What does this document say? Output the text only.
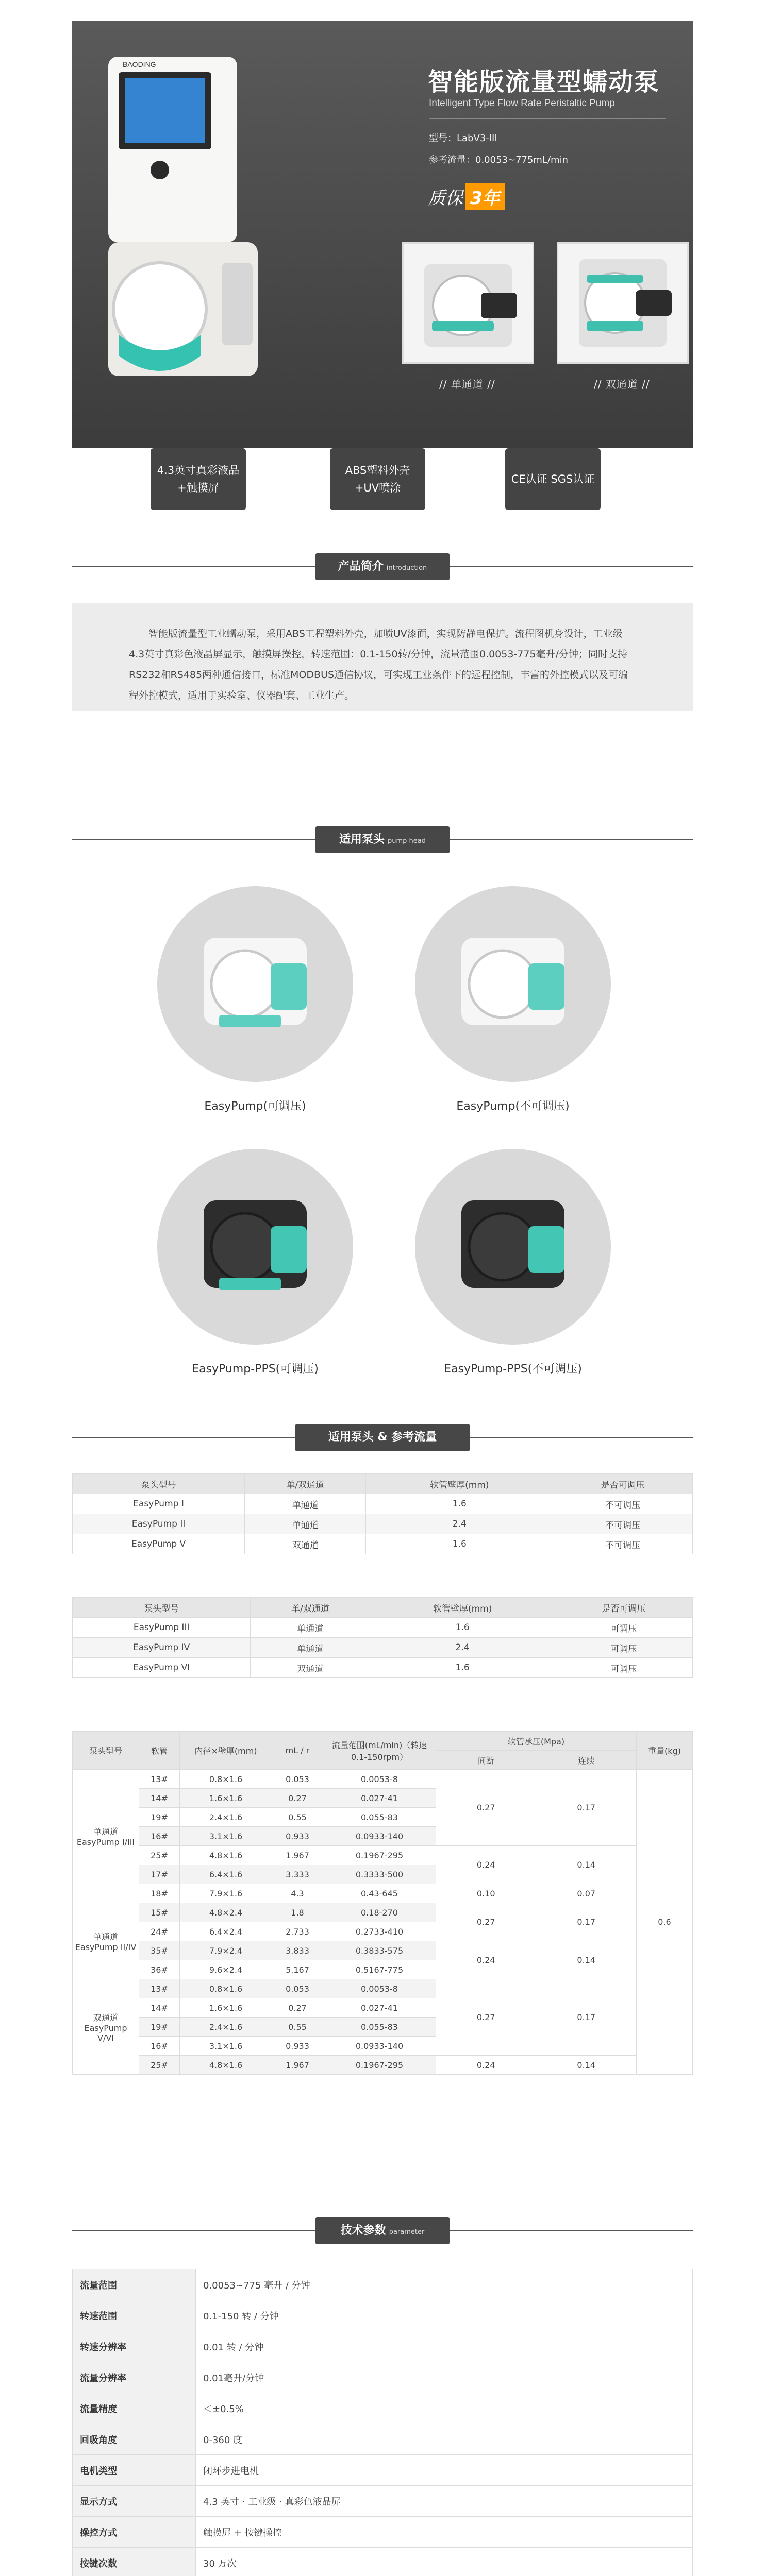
BAODING
智能版流量型蠕动泵
Intelligent Type Flow Rate Peristaltic Pump
型号：LabV3-III
参考流量：0.0053~775mL/min
质保 3年
// 单通道 //	// 双通道 //
4.3英寸真彩液晶+触摸屏
ABS塑料外壳+UV喷涂
CE认证 SGS认证
产品简介 introduction
智能版流量型工业蠕动泵，采用ABS工程塑料外壳，加喷UV漆面，实现防静电保护。流程图机身设计，工业级4.3英寸真彩色液晶屏显示，触摸屏操控，转速范围：0.1-150转/分钟，流量范围0.0053-775毫升/分钟；同时支持RS232和RS485两种通信接口，标准MODBUS通信协议，可实现工业条件下的远程控制，丰富的外控模式以及可编程外控模式，适用于实验室、仪器配套、工业生产。
适用泵头 pump head
EasyPump(可调压)	EasyPump(不可调压)
EasyPump-PPS(可调压)	EasyPump-PPS(不可调压)
适用泵头 & 参考流量
泵头型号	单/双通道	软管壁厚(mm)	是否可调压
EasyPump I	单通道	1.6	不可调压
EasyPump II	单通道	2.4	不可调压
EasyPump V	双通道	1.6	不可调压
泵头型号	单/双通道	软管壁厚(mm)	是否可调压
EasyPump III	单通道	1.6	可调压
EasyPump IV	单通道	2.4	可调压
EasyPump VI	双通道	1.6	可调压
泵头型号	软管	内径×壁厚(mm)	mL / r	流量范围(mL/min)（转速0.1-150rpm）	软管承压(Mpa)		重量(kg)
					间断	连续	
单通道 EasyPump I/III	13#	0.8×1.6	0.053	0.0053-8	0.27	0.17	0.6
	14#	1.6×1.6	0.27	0.027-41			
	19#	2.4×1.6	0.55	0.055-83			
	16#	3.1×1.6	0.933	0.0933-140			
	25#	4.8×1.6	1.967	0.1967-295	0.24	0.14	
	17#	6.4×1.6	3.333	0.3333-500			
	18#	7.9×1.6	4.3	0.43-645	0.10	0.07	
单通道 EasyPump II/IV	15#	4.8×2.4	1.8	0.18-270	0.27	0.17	
	24#	6.4×2.4	2.733	0.2733-410			
	35#	7.9×2.4	3.833	0.3833-575	0.24	0.14	
	36#	9.6×2.4	5.167	0.5167-775			
双通道 EasyPump V/VI	13#	0.8×1.6	0.053	0.0053-8	0.27	0.17	
	14#	1.6×1.6	0.27	0.027-41			
	19#	2.4×1.6	0.55	0.055-83			
	16#	3.1×1.6	0.933	0.0933-140			
	25#	4.8×1.6	1.967	0.1967-295	0.24	0.14	
技术参数 parameter
流量范围	0.0053~775 毫升 / 分钟
转速范围	0.1-150 转 / 分钟
转速分辨率	0.01 转 / 分钟
流量分辨率	0.01毫升/分钟
流量精度	＜±0.5%
回吸角度	0-360 度
电机类型	闭环步进电机
显示方式	4.3 英寸 · 工业级 · 真彩色液晶屏
操控方式	触摸屏 + 按键操控
按键次数	30 万次
